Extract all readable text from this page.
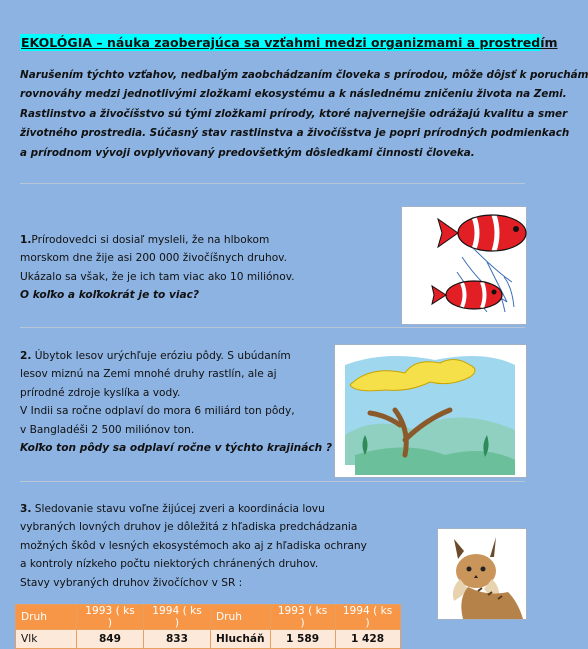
EKOLÓGIA – náuka zaoberajúca sa vzťahmi medzi organizmami a prostredím
Narušením týchto vzťahov, nedbalým zaobchádzaním človeka s prírodou, môže dôjsť k poruchám
rovnováhy medzi jednotlivými zložkami ekosystému a k následnému zničeniu života na Zemi.
Rastlinstvo a živočíšstvo sú tými zložkami prírody, ktoré najvernejšie odrážajú kvalitu a smer
životného prostredia. Súčasný stav rastlinstva a živočíšstva je popri prírodných podmienkach
a prírodnom vývoji ovplyvňovaný predovšetkým dôsledkami činnosti človeka.
1.Prírodovedci si dosiaľ mysleli, že na hlbokom
morskom dne žije asi 200 000 živočíšnych druhov.
Ukázalo sa však, že je ich tam viac ako 10 miliónov.
O koľko a koľkokrát je to viac?
2. Úbytok lesov urýchľuje eróziu pôdy. S ubúdaním
lesov miznú na Zemi mnohé druhy rastlín, ale aj
prírodné zdroje kyslíka a vody.
V Indii sa ročne odplaví do mora 6 miliárd ton pôdy,
v Bangladéši 2 500 miliónov ton.
Koľko ton pôdy sa odplaví ročne v týchto krajinách ?
3. Sledovanie stavu voľne žijúcej zveri a koordinácia lovu
vybraných lovných druhov je dôležitá z hľadiska predchádzania
možných škôd v lesných ekosystémoch ako aj z hľadiska ochrany
a kontroly nízkeho počtu niektorých chránených druhov.
Stavy vybraných druhov živočíchov v SR :
Druh	1993 ( ks )	1994 ( ks )	Druh	1993 ( ks )	1994 ( ks )
Vlk	849	833	Hlucháň	1 589	1 428
